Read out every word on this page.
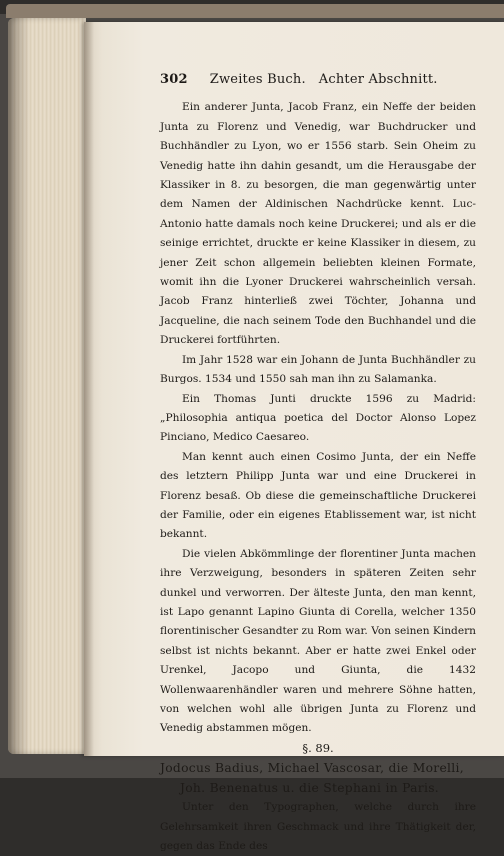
302 Zweites Buch.   Achter Abschnitt.

Ein anderer Junta, Jacob Franz, ein Neffe der beiden Junta zu Florenz und Venedig, war Buchdrucker und Buchhändler zu Lyon, wo er 1556 starb. Sein Oheim zu Venedig hatte ihn dahin gesandt, um die Herausgabe der Klassiker in 8. zu besorgen, die man gegenwärtig unter dem Namen der Aldinischen Nachdrücke kennt. Luc-Antonio hatte damals noch keine Druckerei; und als er die seinige errichtet, druckte er keine Klassiker in diesem, zu jener Zeit schon allgemein beliebten kleinen Formate, womit ihn die Lyoner Druckerei wahrscheinlich versah. Jacob Franz hinterließ zwei Töchter, Johanna und Jacqueline, die nach seinem Tode den Buchhandel und die Druckerei fortführten.

Im Jahr 1528 war ein Johann de Junta Buchhändler zu Burgos. 1534 und 1550 sah man ihn zu Salamanka.

Ein Thomas Junti druckte 1596 zu Madrid: „Philosophia antiqua poetica del Doctor Alonso Lopez Pinciano, Medico Caesareo.

Man kennt auch einen Cosimo Junta, der ein Neffe des letztern Philipp Junta war und eine Druckerei in Florenz besaß. Ob diese die gemeinschaftliche Druckerei der Familie, oder ein eigenes Etablissement war, ist nicht bekannt.

Die vielen Abkömmlinge der florentiner Junta machen ihre Verzweigung, besonders in späteren Zeiten sehr dunkel und verworren. Der älteste Junta, den man kennt, ist Lapo genannt Lapino Giunta di Corella, welcher 1350 florentinischer Gesandter zu Rom war. Von seinen Kindern selbst ist nichts bekannt. Aber er hatte zwei Enkel oder Urenkel, Jacopo und Giunta, die 1432 Wollenwaarenhändler waren und mehrere Söhne hatten, von welchen wohl alle übrigen Junta zu Florenz und Venedig abstammen mögen.

§. 89.

Jodocus Badius, Michael Vascosar, die Morelli,

Joh. Benenatus u. die Stephani in Paris.

Unter den Typographen, welche durch ihre Gelehrsamkeit ihren Geschmack und ihre Thätigkeit der, gegen das Ende des
